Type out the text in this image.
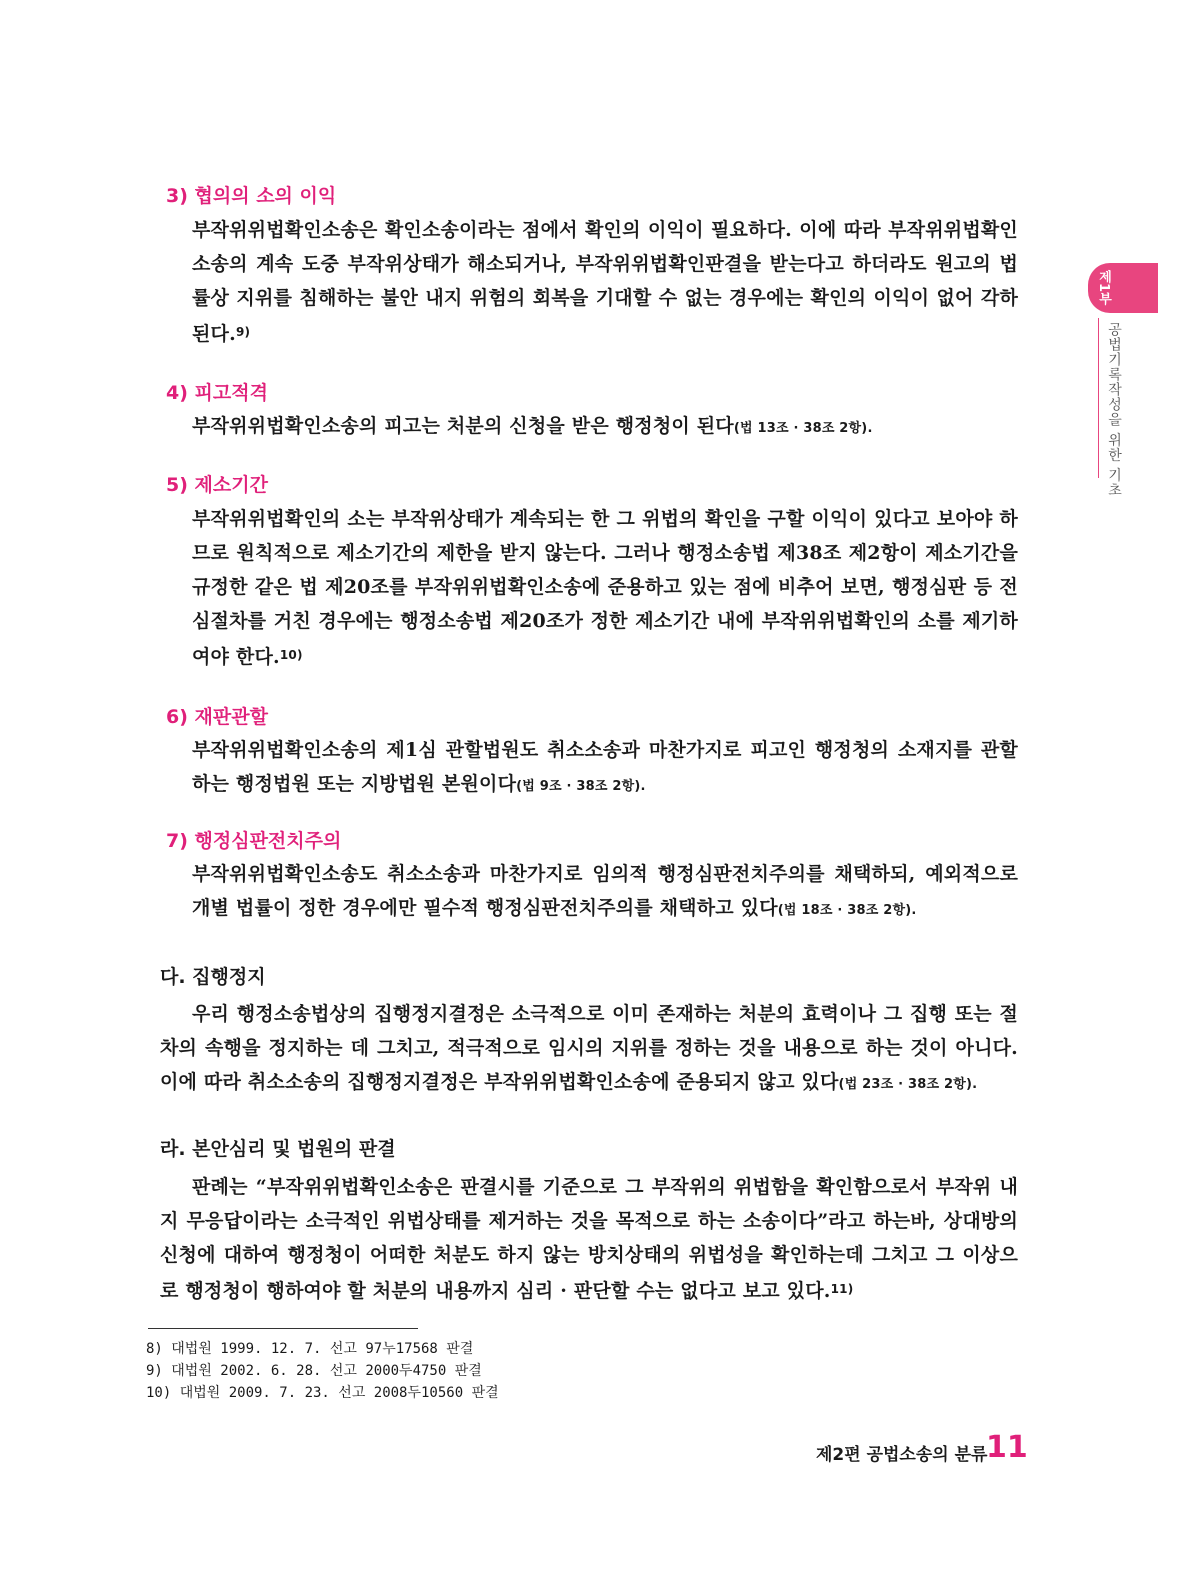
제1부
공법기록작성을 위한 기초
3) 협의의 소의 이익
부작위위법확인소송은 확인소송이라는 점에서 확인의 이익이 필요하다. 이에 따라 부작위위법확인소송의 계속 도중 부작위상태가 해소되거나, 부작위위법확인판결을 받는다고 하더라도 원고의 법률상 지위를 침해하는 불안 내지 위험의 회복을 기대할 수 없는 경우에는 확인의 이익이 없어 각하된다.$^{9)}$
4) 피고적격
부작위위법확인소송의 피고는 처분의 신청을 받은 행정청이 된다(법 13조 · 38조 2항).
5) 제소기간
부작위위법확인의 소는 부작위상태가 계속되는 한 그 위법의 확인을 구할 이익이 있다고 보아야 하므로 원칙적으로 제소기간의 제한을 받지 않는다. 그러나 행정소송법 제38조 제2항이 제소기간을 규정한 같은 법 제20조를 부작위위법확인소송에 준용하고 있는 점에 비추어 보면, 행정심판 등 전심절차를 거친 경우에는 행정소송법 제20조가 정한 제소기간 내에 부작위위법확인의 소를 제기하여야 한다.$^{10)}$
6) 재판관할
부작위위법확인소송의 제1심 관할법원도 취소소송과 마찬가지로 피고인 행정청의 소재지를 관할하는 행정법원 또는 지방법원 본원이다(법 9조 · 38조 2항).
7) 행정심판전치주의
부작위위법확인소송도 취소소송과 마찬가지로 임의적 행정심판전치주의를 채택하되, 예외적으로 개별 법률이 정한 경우에만 필수적 행정심판전치주의를 채택하고 있다(법 18조 · 38조 2항).
다. 집행정지
우리 행정소송법상의 집행정지결정은 소극적으로 이미 존재하는 처분의 효력이나 그 집행 또는 절차의 속행을 정지하는 데 그치고, 적극적으로 임시의 지위를 정하는 것을 내용으로 하는 것이 아니다. 이에 따라 취소소송의 집행정지결정은 부작위위법확인소송에 준용되지 않고 있다(법 23조 · 38조 2항).
라. 본안심리 및 법원의 판결
판례는 “부작위위법확인소송은 판결시를 기준으로 그 부작위의 위법함을 확인함으로서 부작위 내지 무응답이라는 소극적인 위법상태를 제거하는 것을 목적으로 하는 소송이다”라고 하는바, 상대방의 신청에 대하여 행정청이 어떠한 처분도 하지 않는 방치상태의 위법성을 확인하는데 그치고 그 이상으로 행정청이 행하여야 할 처분의 내용까지 심리 · 판단할 수는 없다고 보고 있다.$^{11)}$
8) 대법원 1999. 12. 7. 선고 97누17568 판결
9) 대법원 2002. 6. 28. 선고 2000두4750 판결
10) 대법원 2009. 7. 23. 선고 2008두10560 판결
제2편 공법소송의 분류
11
